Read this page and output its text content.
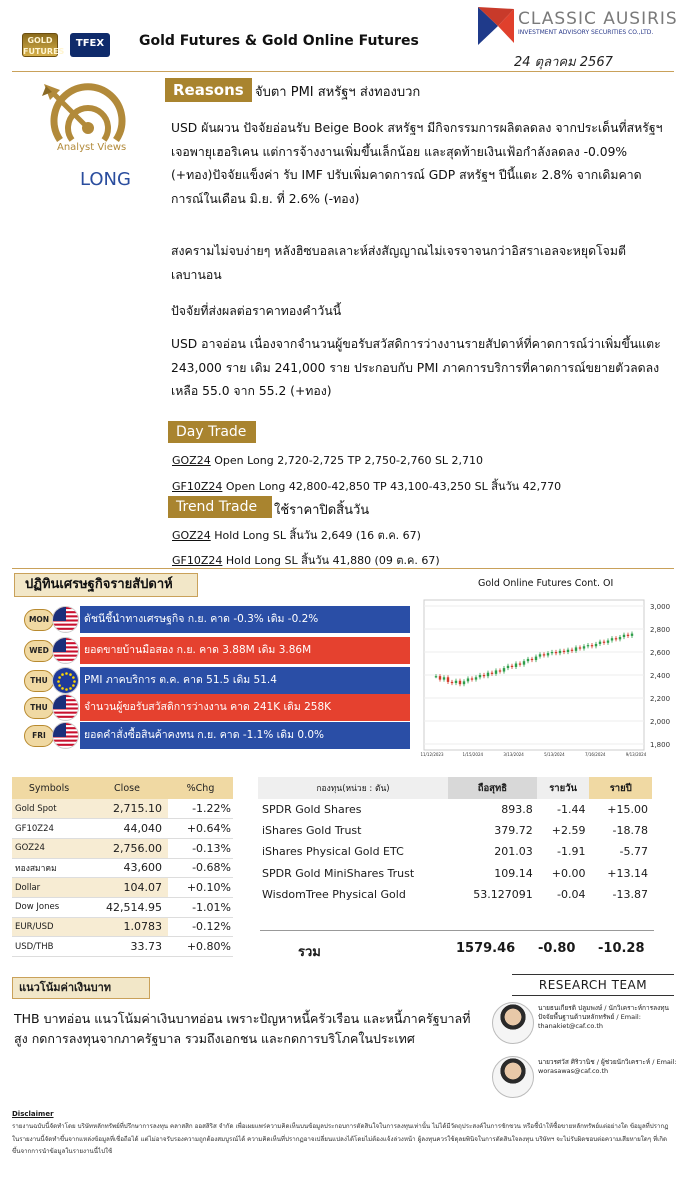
GOLD FUTURES
TFEX	Gold Futures & Gold Online Futures
CLASSIC AUSIRIS
INVESTMENT ADVISORY SECURITIES CO.,LTD.
24 ตุลาคม 2567
Analyst Views
LONG
Reasons จับตา PMI สหรัฐฯ ส่งทองบวก
USD ผันผวน ปัจจัยอ่อนรับ Beige Book สหรัฐฯ มีกิจกรรมการผลิตลดลง จากประเด็นที่สหรัฐฯ เจอพายุเฮอริเคน แต่การจ้างงานเพิ่มขึ้นเล็กน้อย และสุดท้ายเงินเฟ้อกำลังลดลง -0.09% (+ทอง)ปัจจัยแข็งค่า รับ IMF ปรับเพิ่มคาดการณ์ GDP สหรัฐฯ ปีนี้แตะ 2.8% จากเดิมคาดการณ์ในเดือน มิ.ย. ที่ 2.6% (-ทอง)
สงครามไม่จบง่ายๆ หลังฮิซบอลเลาะห์ส่งสัญญาณไม่เจรจาจนกว่าอิสราเอลจะหยุดโจมตีเลบานอน
ปัจจัยที่ส่งผลต่อราคาทองคำวันนี้
USD อาจอ่อน เนื่องจากจำนวนผู้ขอรับสวัสดิการว่างงานรายสัปดาห์ที่คาดการณ์ว่าเพิ่มขึ้นแตะ 243,000 ราย เดิม 241,000 ราย ประกอบกับ PMI ภาคการบริการที่คาดการณ์ขยายตัวลดลงเหลือ 55.0 จาก 55.2 (+ทอง)
Day Trade
GOZ24 Open Long 2,720-2,725 TP 2,750-2,760 SL 2,710
GF10Z24 Open Long 42,800-42,850 TP 43,100-43,250 SL สิ้นวัน 42,770
Trend Trade	ใช้ราคาปิดสิ้นวัน
GOZ24 Hold Long SL สิ้นวัน 2,649 (16 ต.ค. 67)
GF10Z24 Hold Long SL สิ้นวัน 41,880 (09 ต.ค. 67)
ปฏิทินเศรษฐกิจรายสัปดาห์
MON	ดัชนีชี้นำทางเศรษฐกิจ ก.ย. คาด -0.3% เดิม -0.2%
WED	ยอดขายบ้านมือสอง ก.ย. คาด 3.88M เดิม 3.86M
THU	PMI ภาคบริการ ต.ค. คาด 51.5 เดิม 51.4
THU	จำนวนผู้ขอรับสวัสดิการว่างงาน คาด 241K เดิม 258K
FRI	ยอดคำสั่งซื้อสินค้าคงทน ก.ย. คาด -1.1% เดิม 0.0%
Gold Online Futures Cont. OI
3,000
2,800
2,600
2,400
2,200
2,000
1,800
11/12/2023	1/15/2024	3/13/2024	5/13/2024	7/16/2024	9/13/2024
Symbols	Close	%Chg
Gold Spot	2,715.10	-1.22%
GF10Z24	44,040	+0.64%
GOZ24	2,756.00	-0.13%
ทองสมาคม	43,600	-0.68%
Dollar	104.07	+0.10%
Dow Jones	42,514.95	-1.01%
EUR/USD	1.0783	-0.12%
USD/THB	33.73	+0.80%
กองทุน(หน่วย : ตัน)	ถือสุทธิ	รายวัน	รายปี
SPDR Gold Shares	893.8	-1.44	+15.00
iShares Gold Trust	379.72	+2.59	-18.78
iShares Physical Gold ETC	201.03	-1.91	-5.77
SPDR Gold MiniShares Trust	109.14	+0.00	+13.14
WisdomTree Physical Gold	53.127091	-0.04	-13.87
รวม	1579.46 -0.80 -10.28
แนวโน้มค่าเงินบาท
THB บาทอ่อน แนวโน้มค่าเงินบาทอ่อน เพราะปัญหาหนี้ครัวเรือน และหนี้ภาครัฐบาลที่สูง กดการลงทุนจากภาครัฐบาล รวมถึงเอกชน และกดการบริโภคในประเทศ
RESEARCH TEAM
นายธนเกียรติ ปลูมพงษ์ / นักวิเคราะห์การลงทุนปัจจัยพื้นฐานด้านหลักทรัพย์ / Email: thanakiet@caf.co.th
นายวรศวัส ศิริวานิช / ผู้ช่วยนักวิเคราะห์ / Email: worasawas@caf.co.th
Disclaimer
รายงานฉบับนี้จัดทำโดย บริษัทหลักทรัพย์ที่ปรึกษาการลงทุน คลาสสิก ออสสิริส จำกัด เพื่อเผยแพร่ความคิดเห็นบนข้อมูลประกอบการตัดสินใจในการลงทุนเท่านั้น ไม่ได้มีวัตถุประสงค์ในการชักชวน หรือชี้นำให้ซื้อขายหลักทรัพย์แต่อย่างใด ข้อมูลที่ปรากฏในรายงานนี้จัดทำขึ้นจากแหล่งข้อมูลที่เชื่อถือได้ แต่ไม่อาจรับรองความถูกต้องสมบูรณ์ได้ ความคิดเห็นที่ปรากฏอาจเปลี่ยนแปลงได้โดยไม่ต้องแจ้งล่วงหน้า ผู้ลงทุนควรใช้ดุลยพินิจในการตัดสินใจลงทุน บริษัทฯ จะไม่รับผิดชอบต่อความเสียหายใดๆ ที่เกิดขึ้นจากการนำข้อมูลในรายงานนี้ไปใช้
